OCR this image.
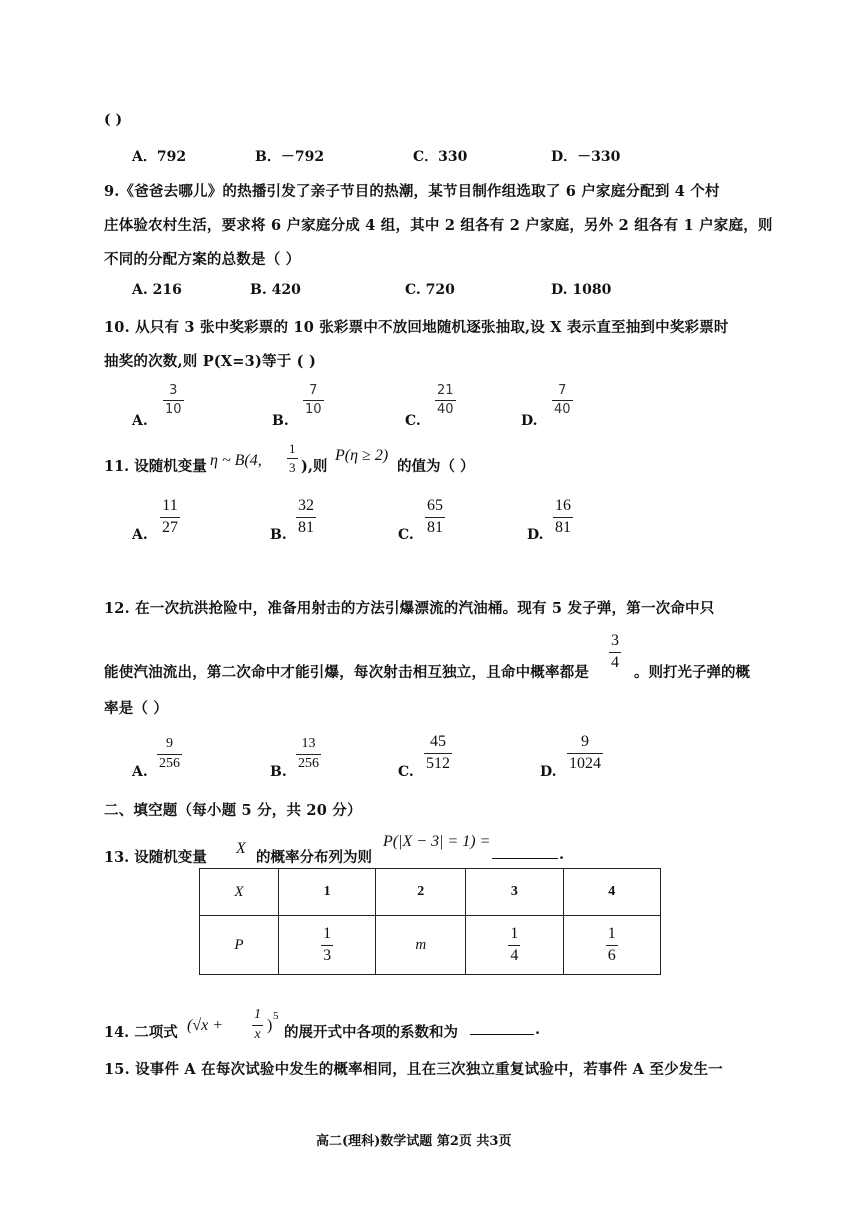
( )
A．792	B．－792	C．330	D．－330
9.《爸爸去哪儿》的热播引发了亲子节目的热潮，某节目制作组选取了 6 户家庭分配到 4 个村
庄体验农村生活，要求将 6 户家庭分成 4 组，其中 2 组各有 2 户家庭，另外 2 组各有 1 户家庭，则
不同的分配方案的总数是（ ）
A. 216	B. 420	C. 720	D. 1080
10. 从只有 3 张中奖彩票的 10 张彩票中不放回地随机逐张抽取,设 X 表示直至抽到中奖彩票时
抽奖的次数,则 P(X=3)等于 ( )
A.
3
10
B.
7
10
C.
21
40
D.
7
40
11. 设随机变量 η ~ B(4,
1
3 ),则
P(η ≥ 2)
的值为（ ）
A.
11
27	B.
32
81	C.
65
81	D.
16
81
12. 在一次抗洪抢险中，准备用射击的方法引爆漂流的汽油桶。现有 5 发子弹，第一次命中只
能使汽油流出，第二次命中才能引爆，每次射击相互独立，且命中概率都是
3
4
。则打光子弹的概
率是（ ）
A.
9
256
B.
13
256
C.
45
512	D.
9
1024
二、填空题（每小题 5 分，共 20 分）
13. 设随机变量
X
的概率分布列为则
P(|X − 3| = 1) =
.
X	1	2	3	4
P	$\frac{1}{3}$	m	$\frac{1}{4}$	$\frac{1}{6}$
14. 二项式 (√x +
1
x
)
5
的展开式中各项的系数和为	.
15. 设事件 A 在每次试验中发生的概率相同，且在三次独立重复试验中，若事件 A 至少发生一
高二(理科)数学试题 第2页 共3页
